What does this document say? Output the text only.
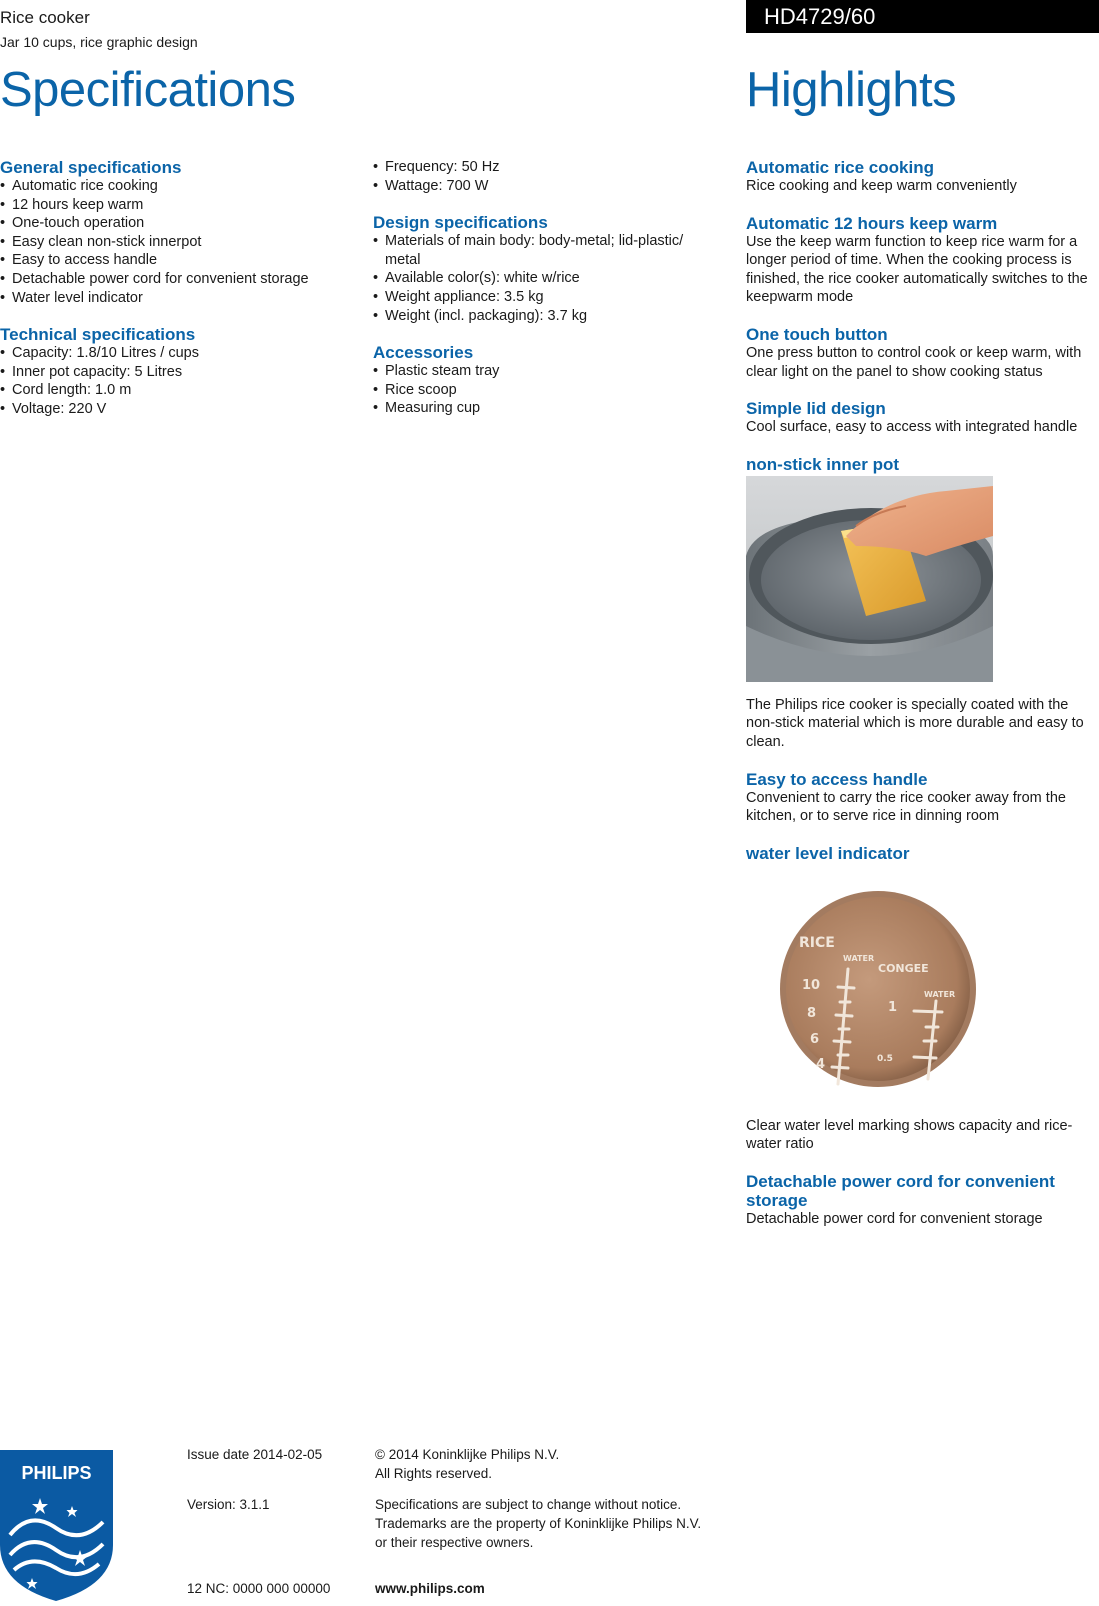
Rice cooker
Jar 10 cups, rice graphic design
HD4729/60
Specifications	Highlights
General specifications
• Automatic rice cooking
• 12 hours keep warm
• One-touch operation
• Easy clean non-stick innerpot
• Easy to access handle
• Detachable power cord for convenient storage
• Water level indicator
Technical specifications
• Capacity: 1.8/10 Litres / cups
• Inner pot capacity: 5 Litres
• Cord length: 1.0 m
• Voltage: 220 V
• Frequency: 50 Hz
• Wattage: 700 W
Design specifications
• Materials of main body: body-metal; lid-plastic/ metal
• Available color(s): white w/rice
• Weight appliance: 3.5 kg
• Weight (incl. packaging): 3.7 kg
Accessories
• Plastic steam tray
• Rice scoop
• Measuring cup
Automatic rice cooking

Rice cooking and keep warm conveniently

Automatic 12 hours keep warm

Use the keep warm function to keep rice warm for a longer period of time. When the cooking process is finished, the rice cooker automatically switches to the keepwarm mode

One touch button

One press button to control cook or keep warm, with clear light on the panel to show cooking status

Simple lid design

Cool surface, easy to access with integrated handle

non-stick inner pot

The Philips rice cooker is specially coated with the non-stick material which is more durable and easy to clean.

Easy to access handle

Convenient to carry the rice cooker away from the kitchen, or to serve rice in dinning room

water level indicator
RICE
WATER
CONGEE
WATER
10
8
6
4
1
0.5

Clear water level marking shows capacity and rice-water ratio

Detachable power cord for convenient storage

Detachable power cord for convenient storage

PHILIPS
Issue date 2014-02-05
Version: 3.1.1
12 NC: 0000 000 00000
© 2014 Koninklijke Philips N.V.
All Rights reserved.
Specifications are subject to change without notice.
Trademarks are the property of Koninklijke Philips N.V.
or their respective owners.
www.philips.com
